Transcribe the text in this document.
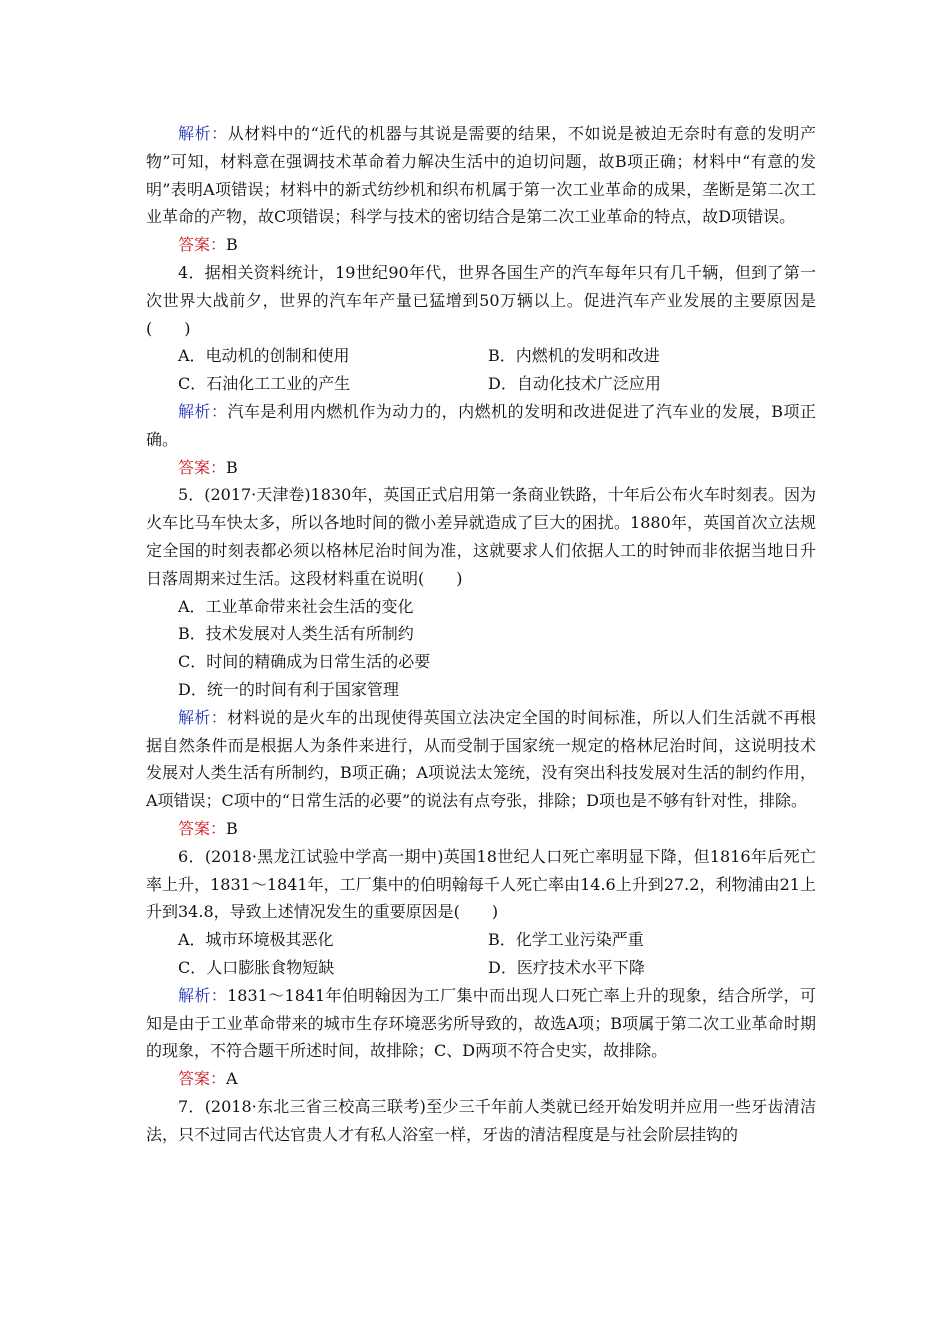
解析：从材料中的“近代的机器与其说是需要的结果，不如说是被迫无奈时有意的发明产物”可知，材料意在强调技术革命着力解决生活中的迫切问题，故B项正确；材料中“有意的发明”表明A项错误；材料中的新式纺纱机和织布机属于第一次工业革命的成果，垄断是第二次工业革命的产物，故C项错误；科学与技术的密切结合是第二次工业革命的特点，故D项错误。

答案：B

4．据相关资料统计，19世纪90年代，世界各国生产的汽车每年只有几千辆，但到了第一次世界大战前夕，世界的汽车年产量已猛增到50万辆以上。促进汽车产业发展的主要原因是(　　)

A．电动机的创制和使用	B．内燃机的发明和改进
C．石油化工工业的产生	D．自动化技术广泛应用

解析：汽车是利用内燃机作为动力的，内燃机的发明和改进促进了汽车业的发展，B项正确。

答案：B

5．(2017·天津卷)1830年，英国正式启用第一条商业铁路，十年后公布火车时刻表。因为火车比马车快太多，所以各地时间的微小差异就造成了巨大的困扰。1880年，英国首次立法规定全国的时刻表都必须以格林尼治时间为准，这就要求人们依据人工的时钟而非依据当地日升日落周期来过生活。这段材料重在说明(　　)

A．工业革命带来社会生活的变化

B．技术发展对人类生活有所制约

C．时间的精确成为日常生活的必要

D．统一的时间有利于国家管理

解析：材料说的是火车的出现使得英国立法决定全国的时间标准，所以人们生活就不再根据自然条件而是根据人为条件来进行，从而受制于国家统一规定的格林尼治时间，这说明技术发展对人类生活有所制约，B项正确；A项说法太笼统，没有突出科技发展对生活的制约作用，A项错误；C项中的“日常生活的必要”的说法有点夸张，排除；D项也是不够有针对性，排除。

答案：B

6．(2018·黑龙江试验中学高一期中)英国18世纪人口死亡率明显下降，但1816年后死亡率上升，1831～1841年，工厂集中的伯明翰每千人死亡率由14.6上升到27.2，利物浦由21上升到34.8，导致上述情况发生的重要原因是(　　)

A．城市环境极其恶化	B．化学工业污染严重
C．人口膨胀食物短缺	D．医疗技术水平下降

解析：1831～1841年伯明翰因为工厂集中而出现人口死亡率上升的现象，结合所学，可知是由于工业革命带来的城市生存环境恶劣所导致的，故选A项；B项属于第二次工业革命时期的现象，不符合题干所述时间，故排除；C、D两项不符合史实，故排除。

答案：A

7．(2018·东北三省三校高三联考)至少三千年前人类就已经开始发明并应用一些牙齿清洁法，只不过同古代达官贵人才有私人浴室一样，牙齿的清洁程度是与社会阶层挂钩的
